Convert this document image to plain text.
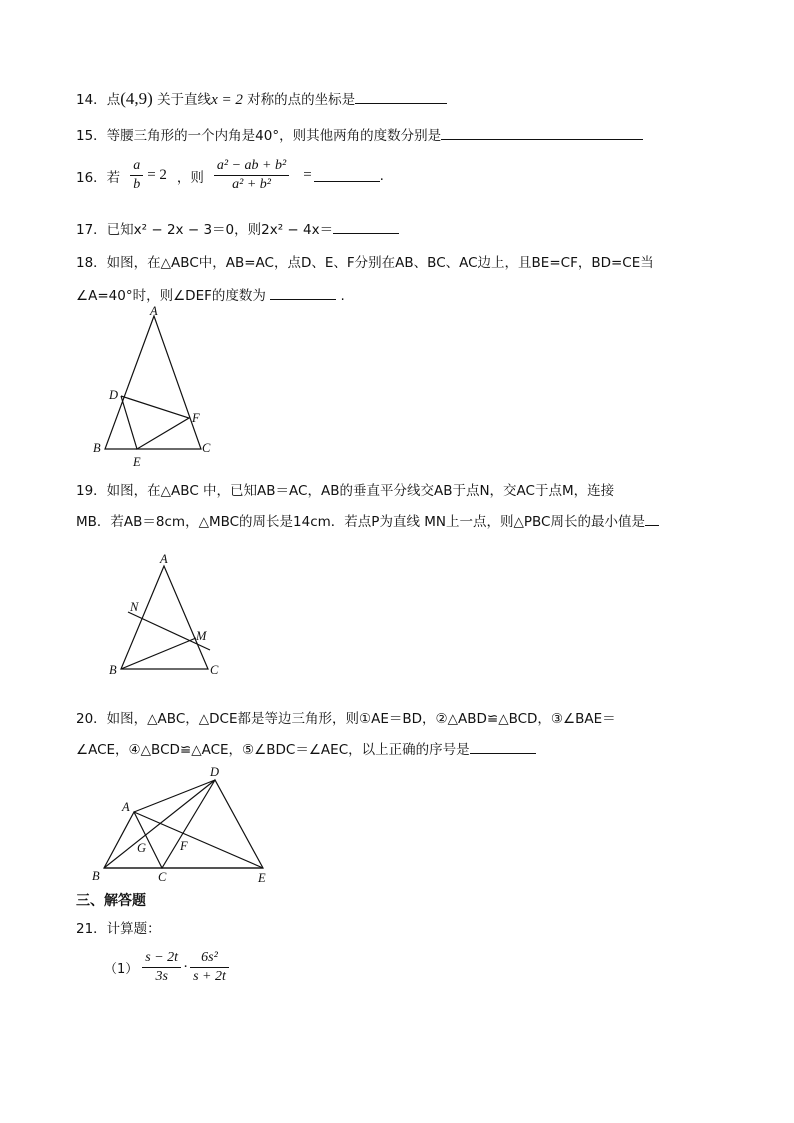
14．点(4,9) 关于直线x = 2 对称的点的坐标是
15．等腰三角形的一个内角是40°，则其他两角的度数分别是
16．若 $\frac{a}{b} = 2$ ，则 $\frac{\text{a² − ab + b²}}{\text{a² + b²}}$ =	.
17．已知x² − 2x − 3＝0，则2x² − 4x＝
18．如图，在△ABC中，AB=AC，点D、E、F分别在AB、BC、AC边上，且BE=CF，BD=CE当
∠A=40°时，则∠DEF的度数为	.
A
B	C
D
E
F
19．如图，在△ABC 中，已知AB＝AC，AB的垂直平分线交AB于点N，交AC于点M，连接
MB．若AB＝8cm，△MBC的周长是14cm．若点P为直线 MN上一点，则△PBC周长的最小值是
A
N
M
B	C
20．如图，△ABC，△DCE都是等边三角形，则①AE＝BD，②△ABD≌△BCD，③∠BAE＝
∠ACE，④△BCD≌△ACE，⑤∠BDC＝∠AEC，以上正确的序号是
A
B	C
D
E
G	F
三、解答题
21．计算题：
$(1) \frac{s - 2t}{3s} \cdot \frac{\text{6s²}}{s + 2t}$
